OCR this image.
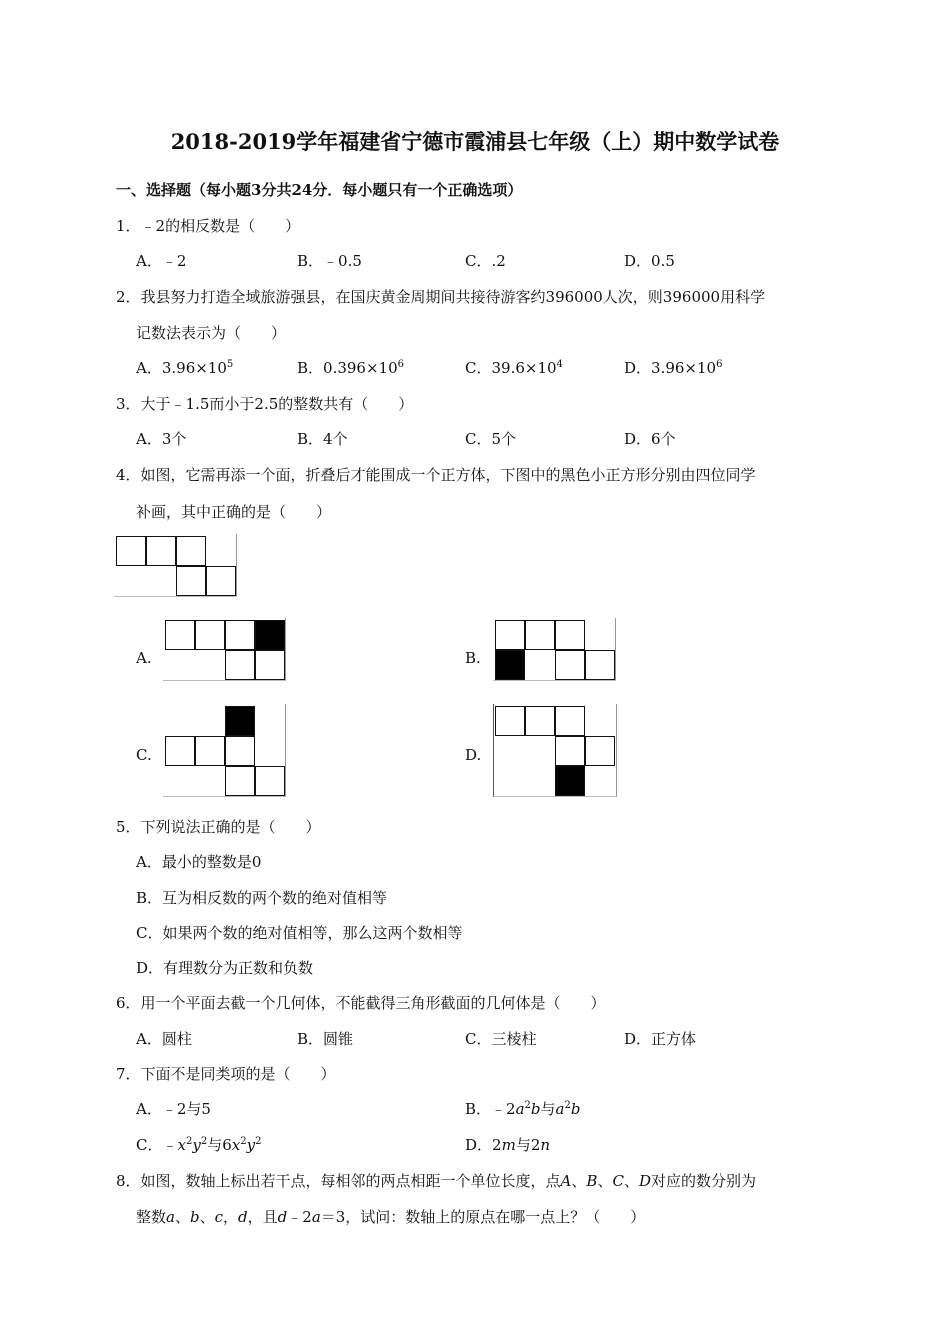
2018-2019学年福建省宁德市霞浦县七年级（上）期中数学试卷
一、选择题（每小题3分共24分．每小题只有一个正确选项）
1．﹣2的相反数是（　　）
A．﹣2	B．﹣0.5	C．.2	D．0.5
2．我县努力打造全域旅游强县，在国庆黄金周期间共接待游客约396000人次，则396000用科学
记数法表示为（　　）
A．$3.96\times 10^5$	B．$0.396\times 10^6$	C．$39.6\times 10^4$	D．$3.96\times 10^6$
3．大于﹣1.5而小于2.5的整数共有（　　）
A．3个	B．4个	C．5个	D．6个
4．如图，它需再添一个面，折叠后才能围成一个正方体，下图中的黑色小正方形分别由四位同学
补画，其中正确的是（　　）
A.	B.
C.	D.
5．下列说法正确的是（　　）
A．最小的整数是0
B．互为相反数的两个数的绝对值相等
C．如果两个数的绝对值相等，那么这两个数相等
D．有理数分为正数和负数
6．用一个平面去截一个几何体，不能截得三角形截面的几何体是（　　）
A．圆柱	B．圆锥	C．三棱柱	D．正方体
7．下面不是同类项的是（　　）
A．﹣2与5	B．$﹣2a^2b$与$a^2b$
C．$﹣x^2y^2$与$6x^2y^2$	D．2m与2n
8．如图，数轴上标出若干点，每相邻的两点相距一个单位长度，点A、B、C、D对应的数分别为
整数a、b、c，d，且d﹣2a＝3，试问：数轴上的原点在哪一点上？（　　）
